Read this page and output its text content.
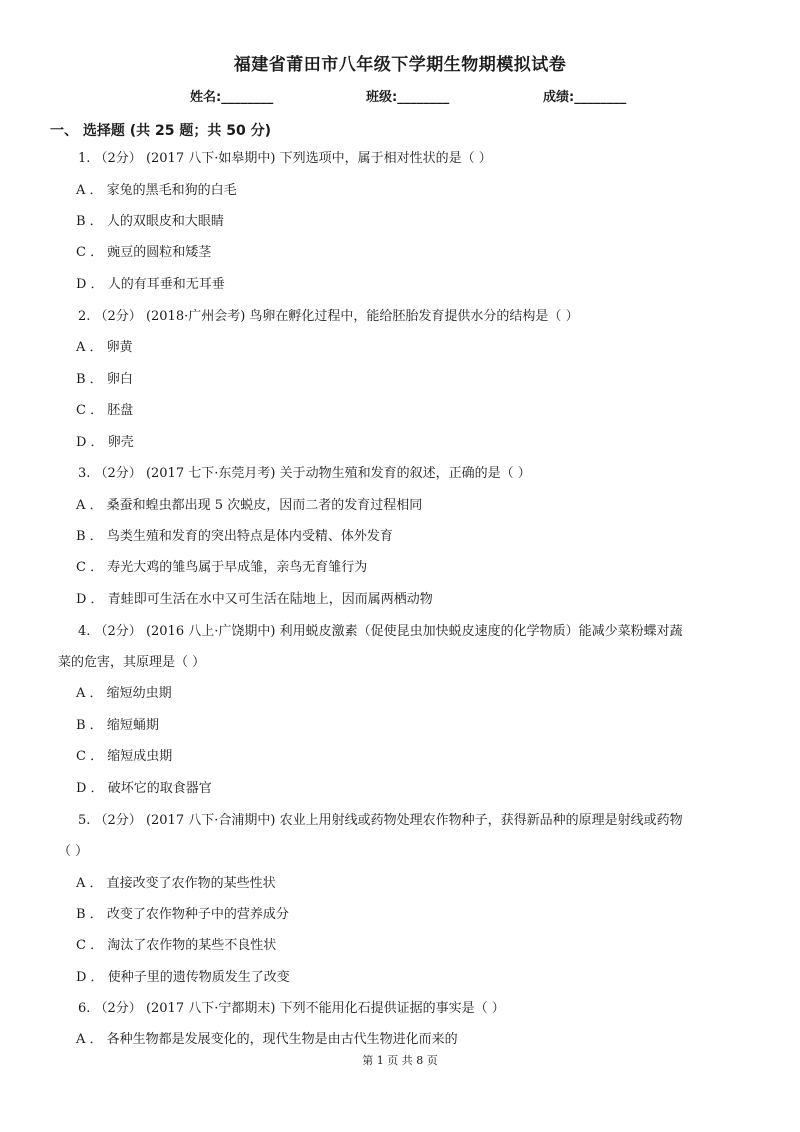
福建省莆田市八年级下学期生物期模拟试卷
姓名:________	班级:________	成绩:________
一、 选择题 (共 25 题；共 50 分)
1. （2分） (2017 八下·如皋期中) 下列选项中，属于相对性状的是（ ）
A ． 家兔的黑毛和狗的白毛
B ． 人的双眼皮和大眼睛
C ． 豌豆的圆粒和矮茎
D ． 人的有耳垂和无耳垂
2. （2分） (2018·广州会考) 鸟卵在孵化过程中，能给胚胎发育提供水分的结构是（ ）
A ． 卵黄
B ． 卵白
C ． 胚盘
D ． 卵壳
3. （2分） (2017 七下·东莞月考) 关于动物生殖和发育的叙述，正确的是（ ）
A ． 桑蚕和蝗虫都出现 5 次蜕皮，因而二者的发育过程相同
B ． 鸟类生殖和发育的突出特点是体内受精、体外发育
C ． 寿光大鸡的雏鸟属于早成雏，亲鸟无育雏行为
D ． 青蛙即可生活在水中又可生活在陆地上，因而属两栖动物
4. （2分） (2016 八上·广饶期中) 利用蜕皮激素（促使昆虫加快蜕皮速度的化学物质）能减少菜粉蝶对蔬
菜的危害，其原理是（ ）
A ． 缩短幼虫期
B ． 缩短蛹期
C ． 缩短成虫期
D ． 破坏它的取食器官
5. （2分） (2017 八下·合浦期中) 农业上用射线或药物处理农作物种子，获得新品种的原理是射线或药物
（ ）
A ． 直接改变了农作物的某些性状
B ． 改变了农作物种子中的营养成分
C ． 淘汰了农作物的某些不良性状
D ． 使种子里的遗传物质发生了改变
6. （2分） (2017 八下·宁都期末) 下列不能用化石提供证据的事实是（ ）
A ． 各种生物都是发展变化的，现代生物是由古代生物进化而来的
第 1 页 共 8 页
